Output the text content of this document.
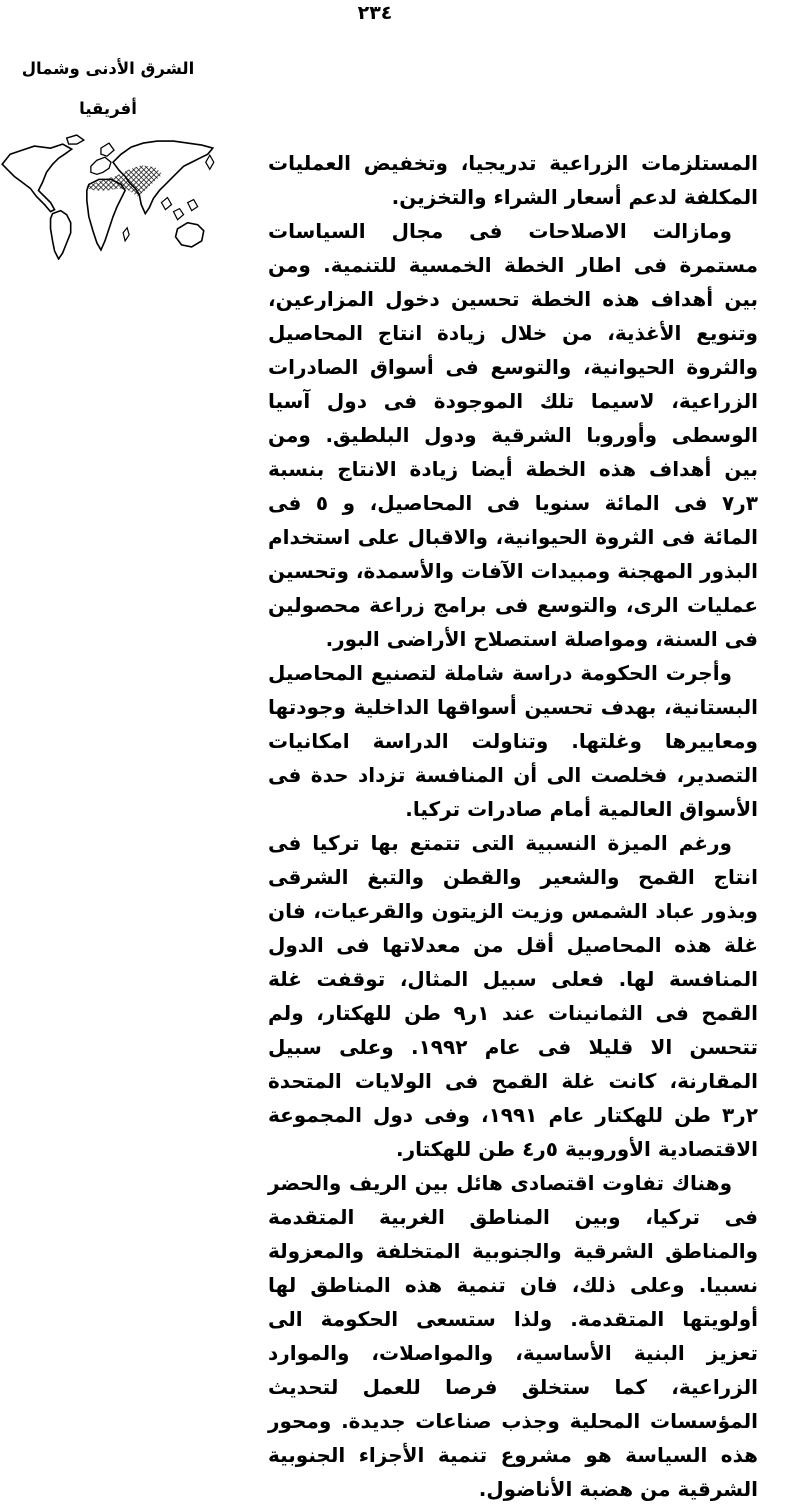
٢٣٤
الشرق الأدنى وشمال
أفريقيا

المستلزمات الزراعية تدريجيا، وتخفيض العمليات المكلفة لدعم أسعار الشراء والتخزين.

ومازالت الاصلاحات فى مجال السياسات مستمرة فى اطار الخطة الخمسية للتنمية. ومن بين أهداف هذه الخطة تحسين دخول المزارعين، وتنويع الأغذية، من خلال زيادة انتاج المحاصيل والثروة الحيوانية، والتوسع فى أسواق الصادرات الزراعية، لاسيما تلك الموجودة فى دول آسيا الوسطى وأوروبا الشرقية ودول البلطيق. ومن بين أهداف هذه الخطة أيضا زيادة الانتاج بنسبة ٣ر٧ فى المائة سنويا فى المحاصيل، و ٥ فى المائة فى الثروة الحيوانية، والاقبال على استخدام البذور المهجنة ومبيدات الآفات والأسمدة، وتحسين عمليات الرى، والتوسع فى برامج زراعة محصولين فى السنة، ومواصلة استصلاح الأراضى البور.

وأجرت الحكومة دراسة شاملة لتصنيع المحاصيل البستانية، بهدف تحسين أسواقها الداخلية وجودتها ومعاييرها وغلتها. وتناولت الدراسة امكانيات التصدير، فخلصت الى أن المنافسة تزداد حدة فى الأسواق العالمية أمام صادرات تركيا.

ورغم الميزة النسبية التى تتمتع بها تركيا فى انتاج القمح والشعير والقطن والتبغ الشرقى وبذور عباد الشمس وزيت الزيتون والقرعيات، فان غلة هذه المحاصيل أقل من معدلاتها فى الدول المنافسة لها. فعلى سبيل المثال، توقفت غلة القمح فى الثمانينات عند ١ر٩ طن للهكتار، ولم تتحسن الا قليلا فى عام ١٩٩٢. وعلى سبيل المقارنة، كانت غلة القمح فى الولايات المتحدة ٢ر٣ طن للهكتار عام ١٩٩١، وفى دول المجموعة الاقتصادية الأوروبية ٥ر٤ طن للهكتار.

وهناك تفاوت اقتصادى هائل بين الريف والحضر فى تركيا، وبين المناطق الغربية المتقدمة والمناطق الشرقية والجنوبية المتخلفة والمعزولة نسبيا. وعلى ذلك، فان تنمية هذه المناطق لها أولويتها المتقدمة. ولذا ستسعى الحكومة الى تعزيز البنية الأساسية، والمواصلات، والموارد الزراعية، كما ستخلق فرصا للعمل لتحديث المؤسسات المحلية وجذب صناعات جديدة. ومحور هذه السياسة هو مشروع تنمية الأجزاء الجنوبية الشرقية من هضبة الأناضول.
